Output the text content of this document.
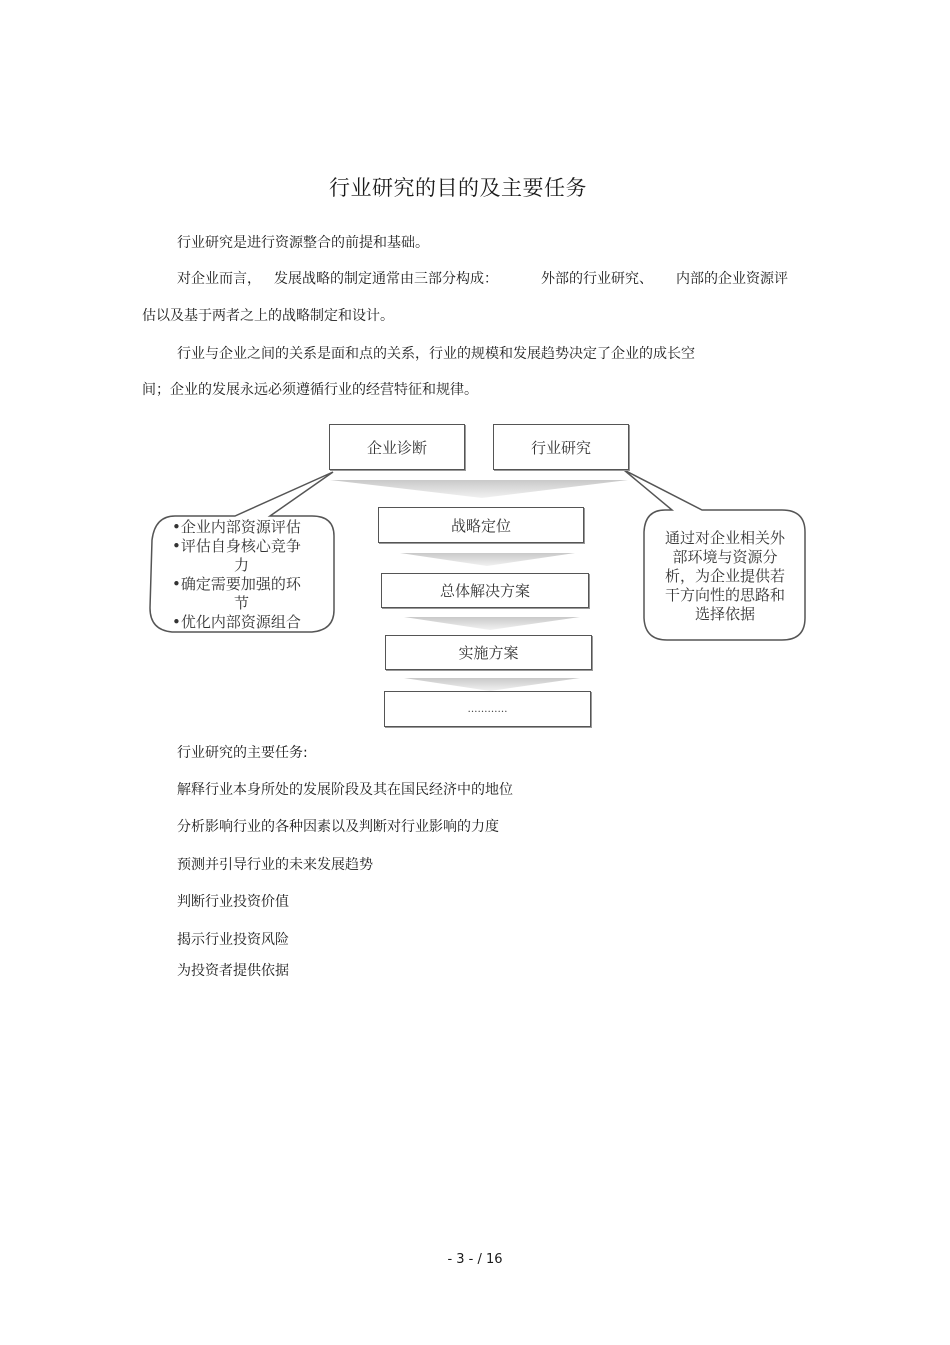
行业研究的目的及主要任务
行业研究是进行资源整合的前提和基础。
对企业而言， 发展战略的制定通常由三部分构成：	外部的行业研究、 内部的企业资源评
估以及基于两者之上的战略制定和设计。
行业与企业之间的关系是面和点的关系，行业的规模和发展趋势决定了企业的成长空
间；企业的发展永远必须遵循行业的经营特征和规律。
企业诊断	行业研究
战略定位
总体解决方案
实施方案
…………
•企业内部资源评估
•评估自身核心竞争
力
•确定需要加强的环
节
•优化内部资源组合
通过对企业相关外
部环境与资源分
析，为企业提供若
干方向性的思路和
选择依据
行业研究的主要任务:
解释行业本身所处的发展阶段及其在国民经济中的地位
分析影响行业的各种因素以及判断对行业影响的力度
预测并引导行业的未来发展趋势
判断行业投资价值
揭示行业投资风险
为投资者提供依据
- 3 - / 16
